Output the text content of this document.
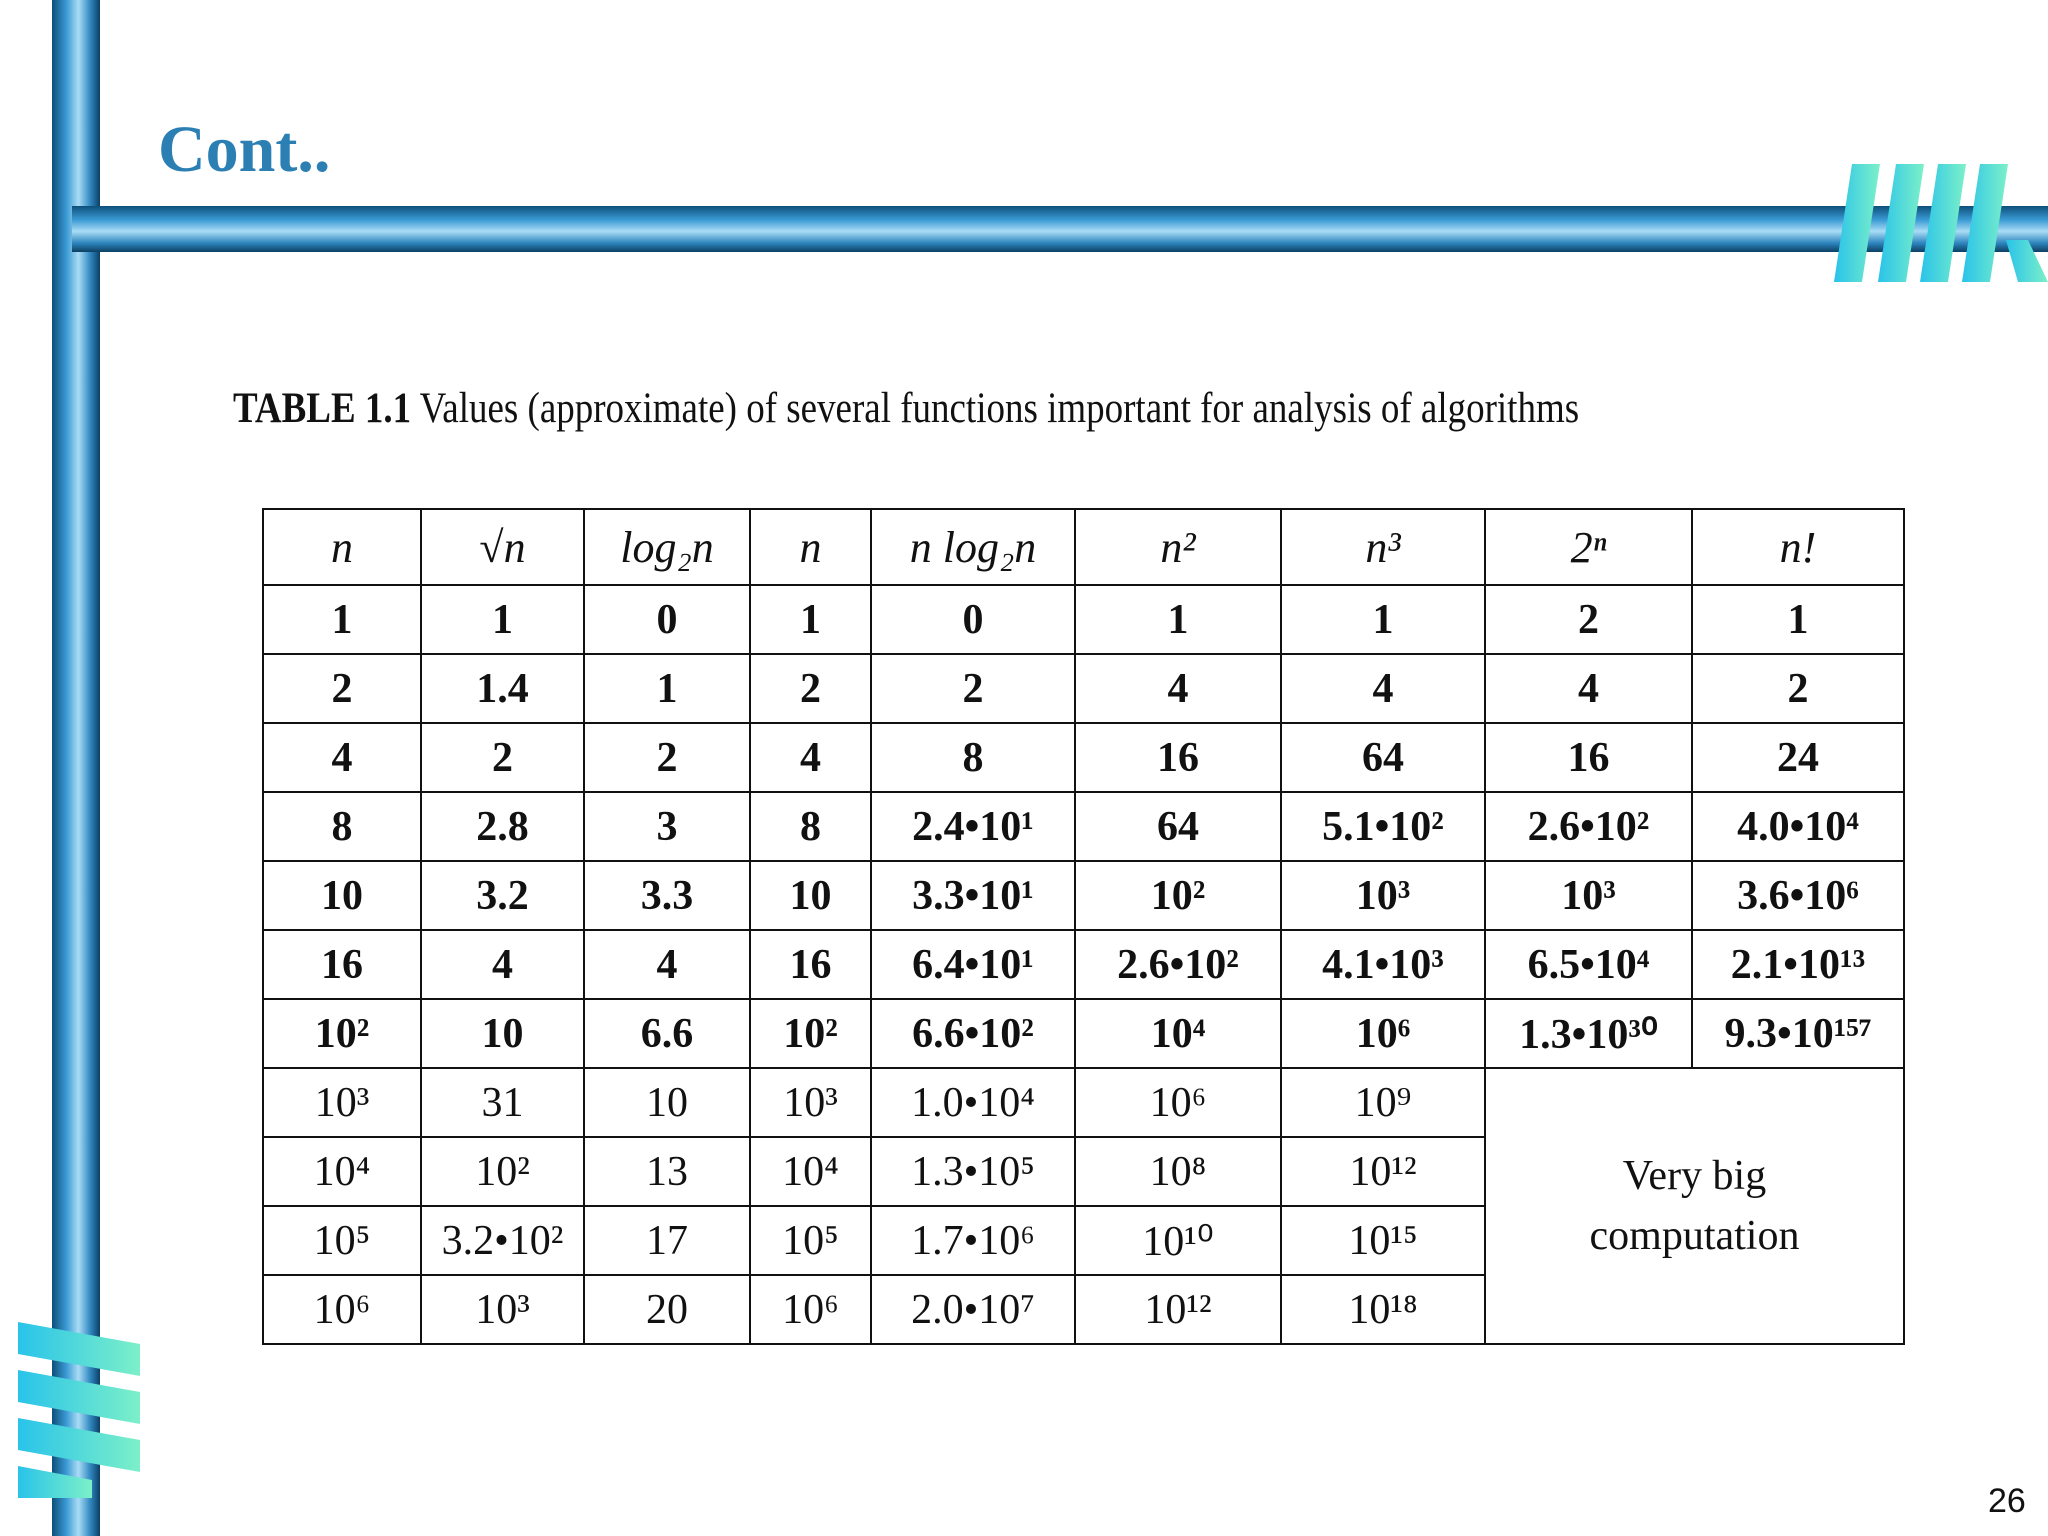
Cont..
TABLE 1.1 Values (approximate) of several functions important for analysis of algorithms
n	√n	log₂n	n	n log₂n	n²	n³	2ⁿ	n!
1	1	0	1	0	1	1	2	1
2	1.4	1	2	2	4	4	4	2
4	2	2	4	8	16	64	16	24
8	2.8	3	8	2.4•10¹	64	5.1•10²	2.6•10²	4.0•10⁴
10	3.2	3.3	10	3.3•10¹	10²	10³	10³	3.6•10⁶
16	4	4	16	6.4•10¹	2.6•10²	4.1•10³	6.5•10⁴	2.1•10¹³
10²	10	6.6	10²	6.6•10²	10⁴	10⁶	1.3•10³⁰	9.3•10¹⁵⁷
10³	31	10	10³	1.0•10⁴	10⁶	10⁹	Very big
computation	

10⁴	10²	13	10⁴	1.3•10⁵	10⁸	10¹²		
10⁵	3.2•10²	17	10⁵	1.7•10⁶	10¹⁰	10¹⁵		
10⁶	10³	20	10⁶	2.0•10⁷	10¹²	10¹⁸		
26
